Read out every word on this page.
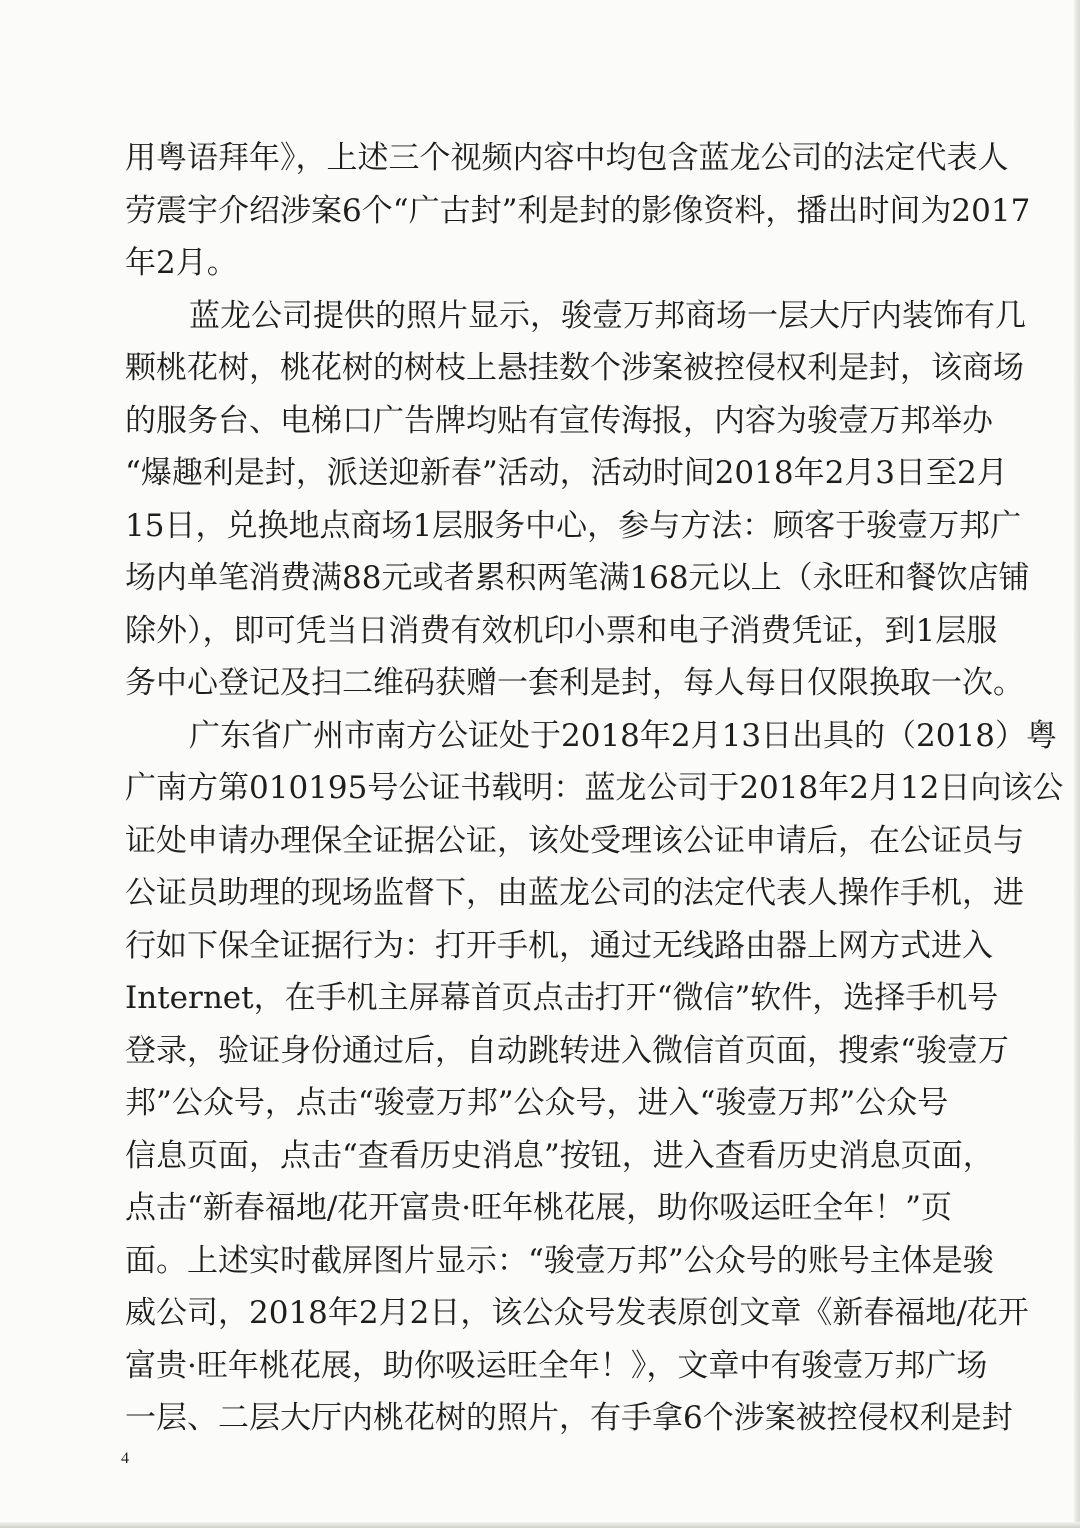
用粤语拜年》，上述三个视频内容中均包含蓝龙公司的法定代表人
劳震宇介绍涉案6个“广古封”利是封的影像资料，播出时间为2017
年2月。
蓝龙公司提供的照片显示，骏壹万邦商场一层大厅内装饰有几
颗桃花树，桃花树的树枝上悬挂数个涉案被控侵权利是封，该商场
的服务台、电梯口广告牌均贴有宣传海报，内容为骏壹万邦举办
“爆趣利是封，派送迎新春”活动，活动时间2018年2月3日至2月
15日，兑换地点商场1层服务中心，参与方法：顾客于骏壹万邦广
场内单笔消费满88元或者累积两笔满168元以上（永旺和餐饮店铺
除外），即可凭当日消费有效机印小票和电子消费凭证，到1层服
务中心登记及扫二维码获赠一套利是封，每人每日仅限换取一次。
广东省广州市南方公证处于2018年2月13日出具的（2018）粤
广南方第010195号公证书载明：蓝龙公司于2018年2月12日向该公
证处申请办理保全证据公证，该处受理该公证申请后，在公证员与
公证员助理的现场监督下，由蓝龙公司的法定代表人操作手机，进
行如下保全证据行为：打开手机，通过无线路由器上网方式进入
Internet，在手机主屏幕首页点击打开“微信”软件，选择手机号
登录，验证身份通过后，自动跳转进入微信首页面，搜索“骏壹万
邦”公众号，点击“骏壹万邦”公众号，进入“骏壹万邦”公众号
信息页面，点击“查看历史消息”按钮，进入查看历史消息页面，
点击“新春福地/花开富贵·旺年桃花展，助你吸运旺全年！”页
面。上述实时截屏图片显示：“骏壹万邦”公众号的账号主体是骏
威公司，2018年2月2日，该公众号发表原创文章《新春福地/花开
富贵·旺年桃花展，助你吸运旺全年！》，文章中有骏壹万邦广场
一层、二层大厅内桃花树的照片，有手拿6个涉案被控侵权利是封
4
